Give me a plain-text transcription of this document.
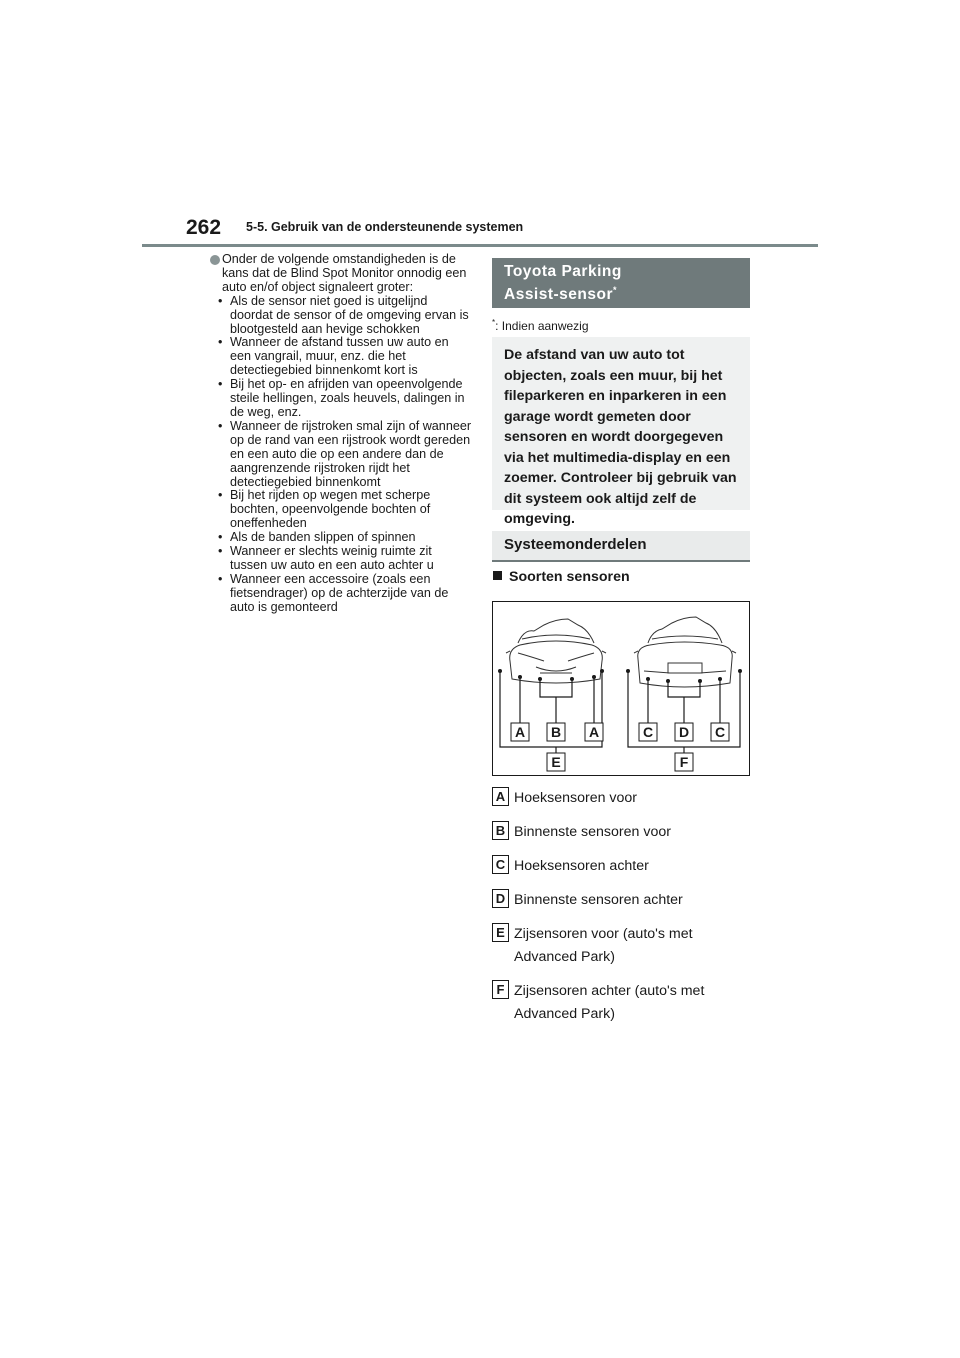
262 5-5. Gebruik van de ondersteunende systemen
Onder de volgende omstandigheden is de kans dat de Blind Spot Monitor onnodig een auto en/of object signaleert groter:
• Als de sensor niet goed is uitgelijnd doordat de sensor of de omgeving ervan is blootgesteld aan hevige schokken
• Wanneer de afstand tussen uw auto en een vangrail, muur, enz. die het detectiegebied binnenkomt kort is
• Bij het op- en afrijden van opeenvolgende steile hellingen, zoals heuvels, dalingen in de weg, enz.
• Wanneer de rijstroken smal zijn of wanneer op de rand van een rijstrook wordt gereden en een auto die op een andere dan de aangrenzende rijstroken rijdt het detectiegebied binnenkomt
• Bij het rijden op wegen met scherpe bochten, opeenvolgende bochten of oneffenheden
• Als de banden slippen of spinnen
• Wanneer er slechts weinig ruimte zit tussen uw auto en een auto achter u
• Wanneer een accessoire (zoals een fietsendrager) op de achterzijde van de auto is gemonteerd
Toyota Parking
Assist-sensor*
*: Indien aanwezig
De afstand van uw auto tot objecten, zoals een muur, bij het fileparkeren en inparkeren in een garage wordt gemeten door sensoren en wordt doorgegeven via het multimedia-display en een zoemer. Controleer bij gebruik van dit systeem ook altijd zelf de omgeving.
Systeemonderdelen
Soorten sensoren
A B A	C D C
E	F
A Hoeksensoren voor
B Binnenste sensoren voor
C Hoeksensoren achter
D Binnenste sensoren achter
E Zijsensoren voor (auto's met Advanced Park)
F Zijsensoren achter (auto's met Advanced Park)
